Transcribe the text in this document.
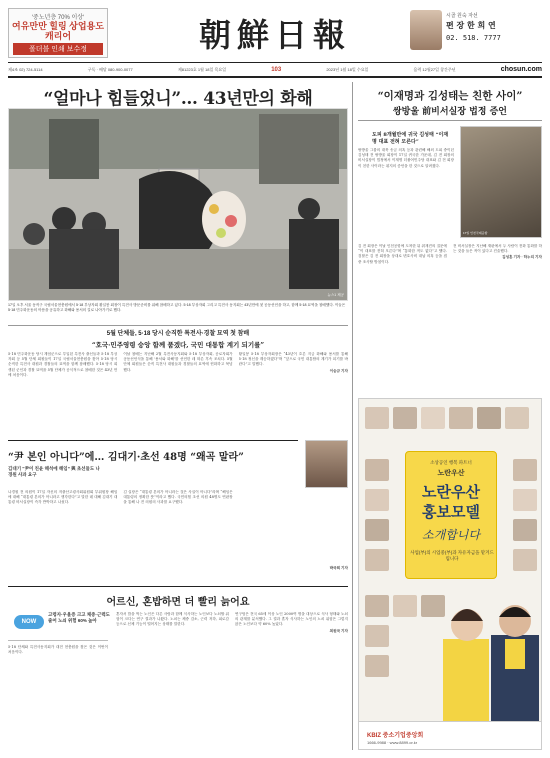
‘중노년층 70% 이상‘
여유만만 힐링 상업용도 캐리어
폴더블 인쇄 보수정	朝鮮日報	시골 원숙 자선
편 장 한 희 연
02. 518. 7777
제4조 02) 724-5114	구독 · 배달 080-900-0077	제81223호 1월 18일 목요일	103	2023년 1월 18일 수요일	음력 12월27일 창간주년	chosun.com
“얼마나 힘들었니”… 43년만의 화해
뉴스1 제공
17일 오후 서울 동작구 국립서울현충원에서 5·18 부상자회 황일봉 회장이 특전사 방문준비를 위해 참배하고 있다. 5·18 부상자회 그리고 특전사 동지회는 43년만에 첫 공동선언을 하고, 함께 5·18 묘역을 참배했다. 이들은 5·18 민주화운동의 아픔을 공유하고 화해와 용서의 길로 나아가기로 했다.
5월 단체들, 5·18 당시 순직한 특전사·경찰 묘역 첫 참배
“호국·민주영령 숭앙 함께 품겠다, 국민 대통합 계기 되기를”

5·18 민주화운동 당시 계엄군으로 투입된 특전사 출신들과 5·18 부상자회 등 5월 단체 회원들이 17일 국립서울현충원을 찾아 5·18 당시 순직한 특전사 대원과 경찰들의 묘역을 함께 참배했다. 5·18 당시 희생된 군인과 경찰 묘역을 5월 단체가 공식적으로 참배한 것은 43년 만에 처음이다.

이날 참배는 지난해 2월 특전사동지회와 5·18 부상자회, 공로자회가 공동선언식을 통해 '용서와 화해'를 선언한 데 따른 후속 조치다. 5월 단체 회원들은 순직 특전사 대원들과 경찰들의 묘역에 헌화하고 묵념했다.

황일봉 5·18 부상자회장은 “43년이 흐른 지금 화해와 용서를 통해 5·18 정신을 계승하겠다”며 “앞으로 국민 대통합의 계기가 되기를 바란다”고 말했다.

이승규 기자

“이재명과 김성태는 친한 사이”
쌍방울 前비서실장 법정 증언
도피 8개월만에 귀국 김성태 “이재명 대표 전혀 모른다”
쌍방울 그룹의 대북 송금 의혹 등과 관련해 해외 도피 중이던 김성태 전 쌍방울 회장이 17일 귀국한 가운데, 김 전 회장의 비서실장이 법정에서 이재명 더불어민주당 대표와 김 전 회장이 친한 사이라는 취지의 증언을 한 것으로 알려졌다.
17일 인천국제공항
김 전 회장은 이날 인천공항에 도착한 뒤 취재진의 질문에 “이 대표를 전혀 모른다”며 “통화한 적도 없다”고 했다. 검찰은 김 전 회장을 상대로 변호사비 대납 의혹 등을 집중 조사할 방침이다.

전 비서실장은 지난해 재판에서 두 사람이 전화 통화를 하는 것을 들은 적이 있다고 진술했다.

김성훈 기자 · 하누리 기자

“尹 본인 아니다”에… 김대기·초선 48명 “왜곡 말라”
김대기 “尹이 친윤 해석에 해임” 與 초선들도 나경원 사과 요구
나경원 전 의원이 17일 자신의 저출산고령사회위원회 부위원장 해임에 대해 “대통령 본의가 아니라고 생각한다”고 말한 데 대해 김대기 대통령 비서실장이 즉각 반박하고 나섰다.
김 실장은 “대통령 본의가 아니라는 것은 사실이 아니다”라며 “해임은 대통령의 정확한 뜻”이라고 했다. 국민의힘 초선 의원 48명도 연판장을 통해 나 전 의원의 사과를 요구했다.

박국희 기자

어르신, 혼밥하면 더 빨리 늙어요
NOW
고령자·우울증 크고 체중·근력도 줄어 노쇠 위험 60% 높아
5·18 단체와 특전사동지회가 대전 현충원을 찾은 것은 이번이 처음이다.
혼자서 밥을 먹는 노인은 다른 사람과 함께 식사하는 노인보다 노쇠할 위험이 크다는 연구 결과가 나왔다. 노쇠는 체중 감소, 근력 저하, 피로감 등으로 신체 기능이 떨어지는 상태를 말한다.

연구팀은 전국 65세 이상 노인 2000여 명을 대상으로 식사 형태와 노쇠의 관계를 분석했다. 그 결과 혼자 식사하는 노인의 노쇠 위험은 그렇지 않은 노인보다 약 60% 높았다.

최원국 기자

소상공인 행복 파트너
노란우산
노란우산
홍보모델
소개합니다
사업(부)의 시업중(부)과 자유자금을 맡겨드립니다
KBIZ 중소기업중앙회
1666-9988 · www.8899.or.kr
